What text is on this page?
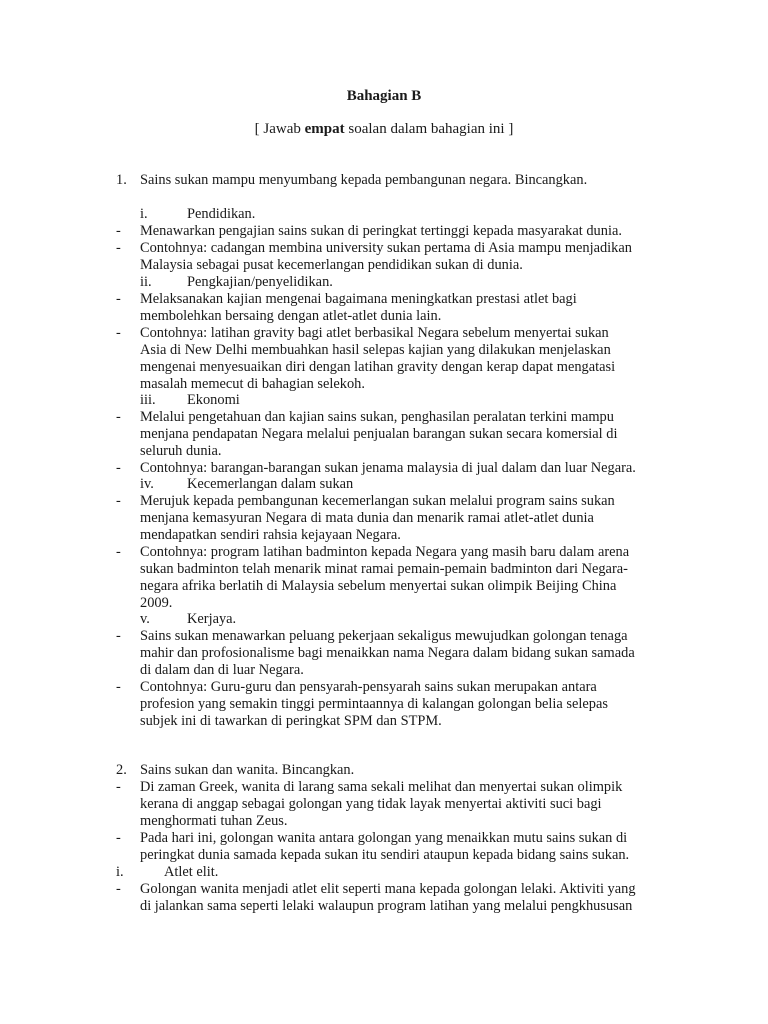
Bahagian B
[ Jawab empat soalan dalam bahagian ini ]
1. Sains sukan mampu menyumbang kepada pembangunan negara. Bincangkan.
i.	Pendidikan.
- Menawarkan pengajian sains sukan di peringkat tertinggi kepada masyarakat dunia.
- Contohnya: cadangan membina university sukan pertama di Asia mampu menjadikan
Malaysia sebagai pusat kecemerlangan pendidikan sukan di dunia.
ii. Pengkajian/penyelidikan.
- Melaksanakan kajian mengenai bagaimana meningkatkan prestasi atlet bagi
membolehkan bersaing dengan atlet-atlet dunia lain.
- Contohnya: latihan gravity bagi atlet berbasikal Negara sebelum menyertai sukan
Asia di New Delhi membuahkan hasil selepas kajian yang dilakukan menjelaskan
mengenai menyesuaikan diri dengan latihan gravity dengan kerap dapat mengatasi
masalah memecut di bahagian selekoh.
iii. Ekonomi
- Melalui pengetahuan dan kajian sains sukan, penghasilan peralatan terkini mampu
menjana pendapatan Negara melalui penjualan barangan sukan secara komersial di
seluruh dunia.
- Contohnya: barangan-barangan sukan jenama malaysia di jual dalam dan luar Negara.
iv. Kecemerlangan dalam sukan
- Merujuk kepada pembangunan kecemerlangan sukan melalui program sains sukan
menjana kemasyuran Negara di mata dunia dan menarik ramai atlet-atlet dunia
mendapatkan sendiri rahsia kejayaan Negara.
- Contohnya: program latihan badminton kepada Negara yang masih baru dalam arena
sukan badminton telah menarik minat ramai pemain-pemain badminton dari Negara-
negara afrika berlatih di Malaysia sebelum menyertai sukan olimpik Beijing China
2009.
v.	Kerjaya.
- Sains sukan menawarkan peluang pekerjaan sekaligus mewujudkan golongan tenaga
mahir dan profosionalisme bagi menaikkan nama Negara dalam bidang sukan samada
di dalam dan di luar Negara.
- Contohnya: Guru-guru dan pensyarah-pensyarah sains sukan merupakan antara
profesion yang semakin tinggi permintaannya di kalangan golongan belia selepas
subjek ini di tawarkan di peringkat SPM dan STPM.
2. Sains sukan dan wanita. Bincangkan.
- Di zaman Greek, wanita di larang sama sekali melihat dan menyertai sukan olimpik
kerana di anggap sebagai golongan yang tidak layak menyertai aktiviti suci bagi
menghormati tuhan Zeus.
- Pada hari ini, golongan wanita antara golongan yang menaikkan mutu sains sukan di
peringkat dunia samada kepada sukan itu sendiri ataupun kepada bidang sains sukan.
i.	Atlet elit.
- Golongan wanita menjadi atlet elit seperti mana kepada golongan lelaki. Aktiviti yang
di jalankan sama seperti lelaki walaupun program latihan yang melalui pengkhususan
